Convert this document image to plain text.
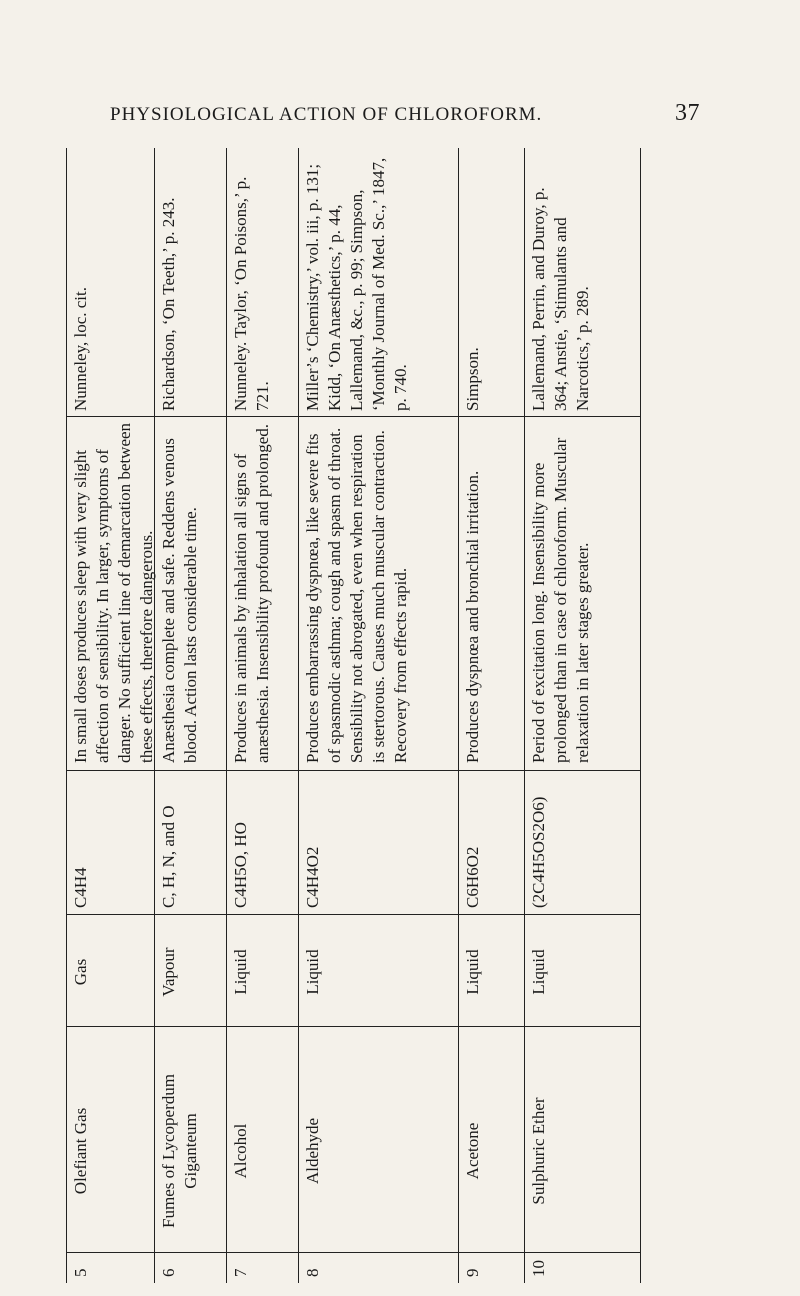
PHYSIOLOGICAL ACTION OF CHLOROFORM.	37
5
Olefiant Gas
Gas
C4H4
In small doses produces sleep with very slight affection of sensibility. In larger, symptoms of danger. No sufficient line of demarcation between these effects, therefore dangerous.
Nunneley, loc. cit.
6
Fumes of Lycoperdum Giganteum
Vapour
C, H, N, and O
Anæsthesia complete and safe. Reddens venous blood. Action lasts considerable time.
Richardson, ‘On Teeth,’ p. 243.
7
Alcohol
Liquid
C4H5O, HO
Produces in animals by inhalation all signs of anæsthesia. Insensibility profound and prolonged.
Nunneley. Taylor, ‘On Poisons,’ p. 721.
8
Aldehyde
Liquid
C4H4O2
Produces embarrassing dyspnœa, like severe fits of spasmodic asthma; cough and spasm of throat. Sensibility not abrogated, even when respiration is stertorous. Causes much muscular contraction. Recovery from effects rapid.
Miller’s ‘Chemistry,’ vol. iii, p. 131; Kidd, ‘On Anæsthetics,’ p. 44, Lallemand, &c., p. 99; Simpson, ‘Monthly Journal of Med. Sc.,’ 1847, p. 740.
9
Acetone
Liquid
C6H6O2
Produces dyspnœa and bronchial irritation.
Simpson.
10
Sulphuric Ether
Liquid
(2C4H5OS2O6)
Period of excitation long. Insensibility more prolonged than in case of chloroform. Muscular relaxation in later stages greater.
Lallemand, Perrin, and Duroy, p. 364; Anstie, ‘Stimulants and Narcotics,’ p. 289.
